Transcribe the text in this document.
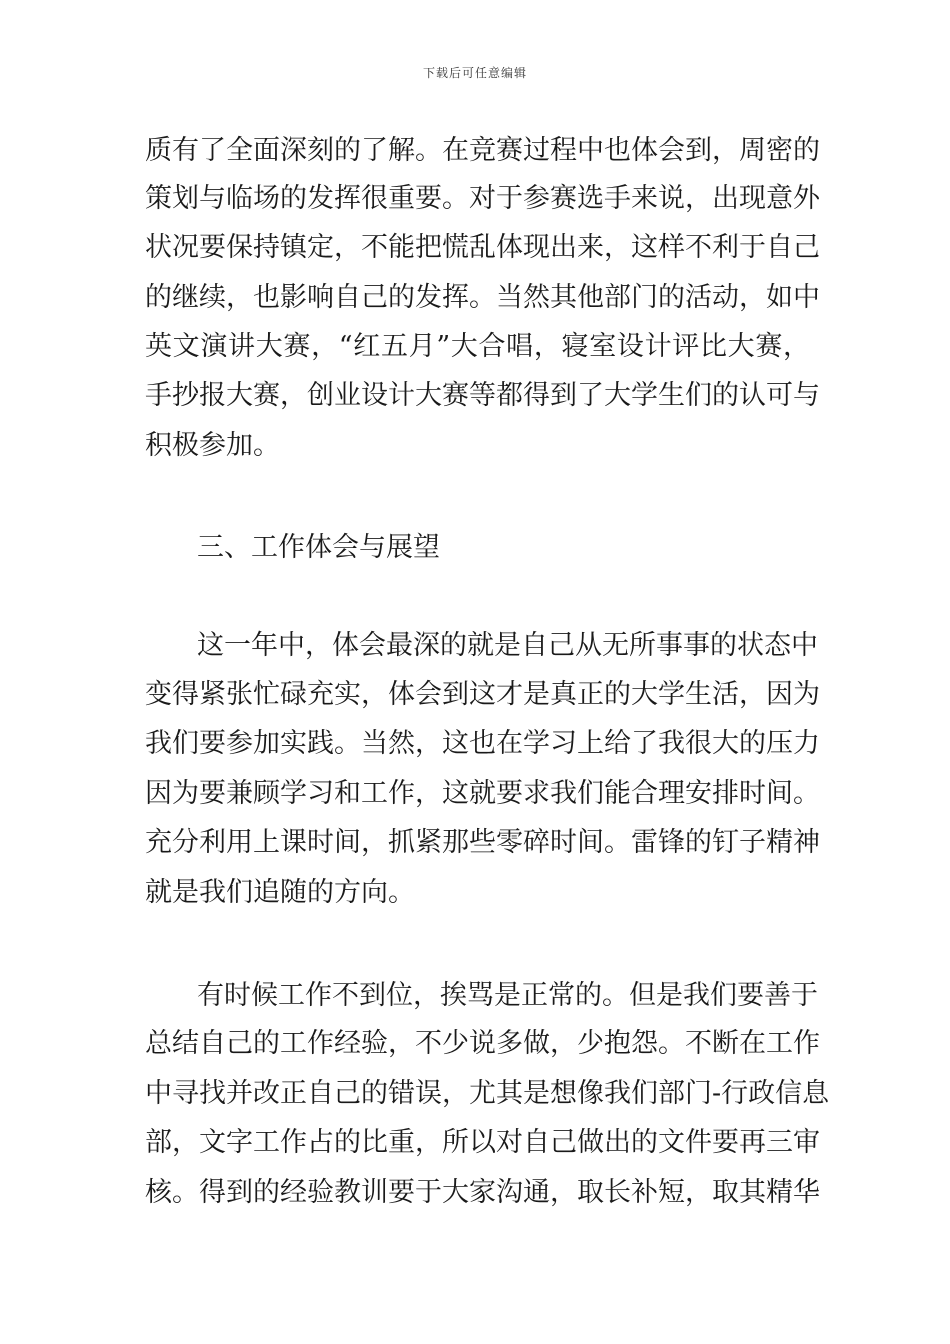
下载后可任意编辑
质有了全面深刻的了解。在竞赛过程中也体会到，周密的
策划与临场的发挥很重要。对于参赛选手来说，出现意外
状况要保持镇定，不能把慌乱体现出来，这样不利于自己
的继续，也影响自己的发挥。当然其他部门的活动，如中
英文演讲大赛，“红五月”大合唱，寝室设计评比大赛，
手抄报大赛，创业设计大赛等都得到了大学生们的认可与
积极参加。
三、工作体会与展望
这一年中，体会最深的就是自己从无所事事的状态中
变得紧张忙碌充实，体会到这才是真正的大学生活，因为
我们要参加实践。当然，这也在学习上给了我很大的压力
因为要兼顾学习和工作，这就要求我们能合理安排时间。
充分利用上课时间，抓紧那些零碎时间。雷锋的钉子精神
就是我们追随的方向。
有时候工作不到位，挨骂是正常的。但是我们要善于
总结自己的工作经验，不少说多做，少抱怨。不断在工作
中寻找并改正自己的错误，尤其是想像我们部门-行政信息
部，文字工作占的比重，所以对自己做出的文件要再三审
核。得到的经验教训要于大家沟通，取长补短，取其精华
